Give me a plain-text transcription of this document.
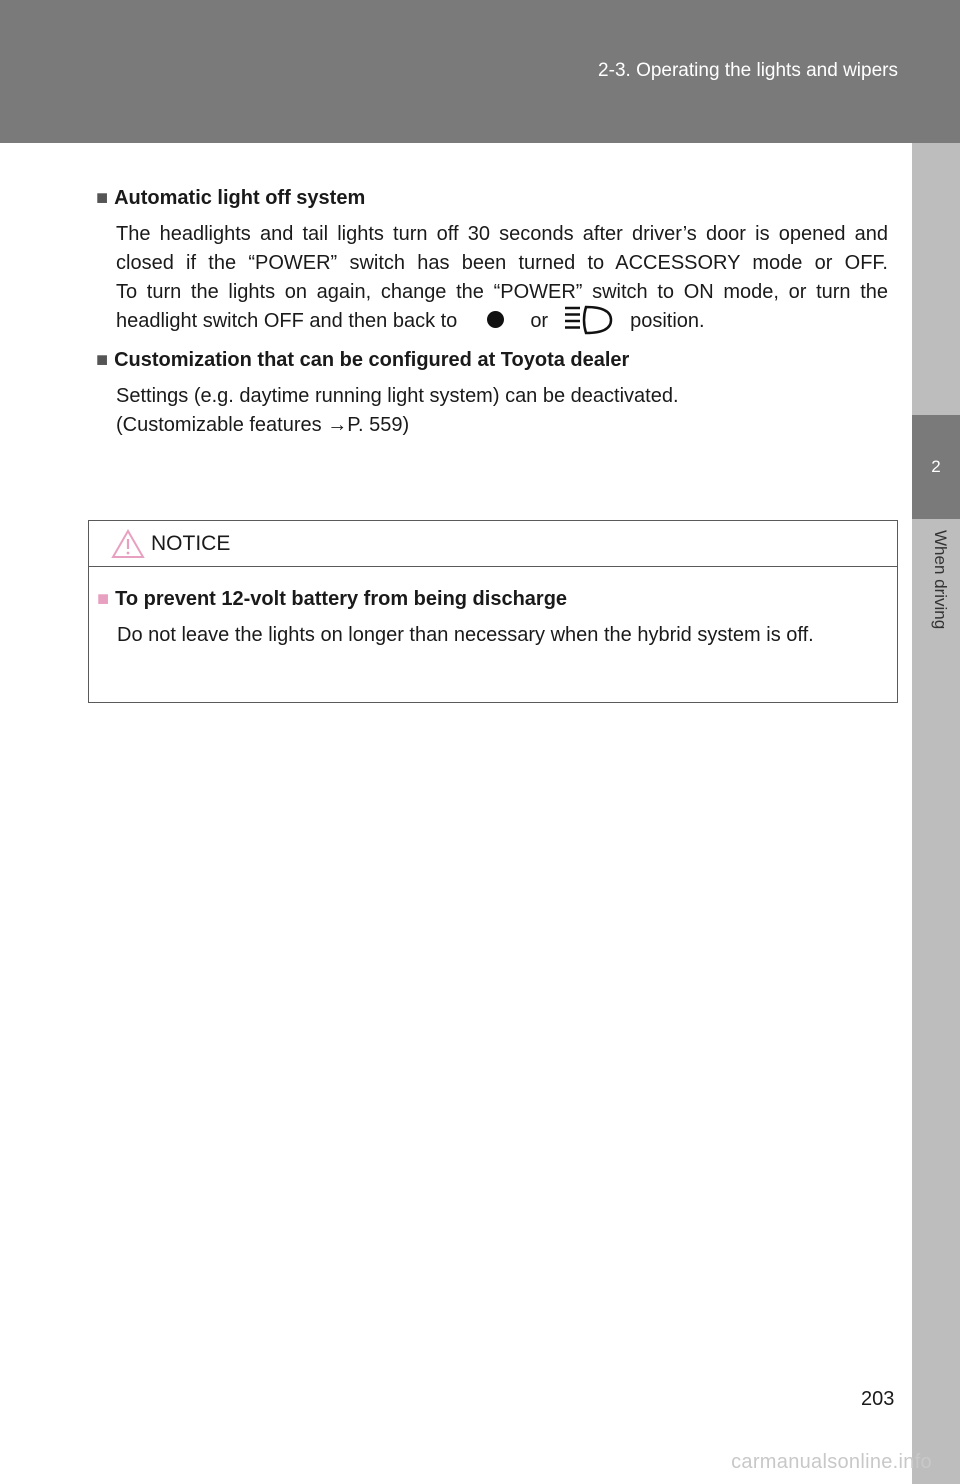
2-3. Operating the lights and wipers
2
When driving

■ Automatic light off system

The headlights and tail lights turn off 30 seconds after driver’s door is opened and closed if the “POWER” switch has been turned to ACCESSORY mode or OFF.

To turn the lights on again, change the “POWER” switch to ON mode, or turn the headlight switch OFF and then back to	or	position.

■ Customization that can be configured at Toyota dealer

Settings (e.g. daytime running light system) can be deactivated.

(Customizable features →P. 559)

NOTICE

■ To prevent 12-volt battery from being discharge

Do not leave the lights on longer than necessary when the hybrid system is off.

203
carmanualsonline.info
